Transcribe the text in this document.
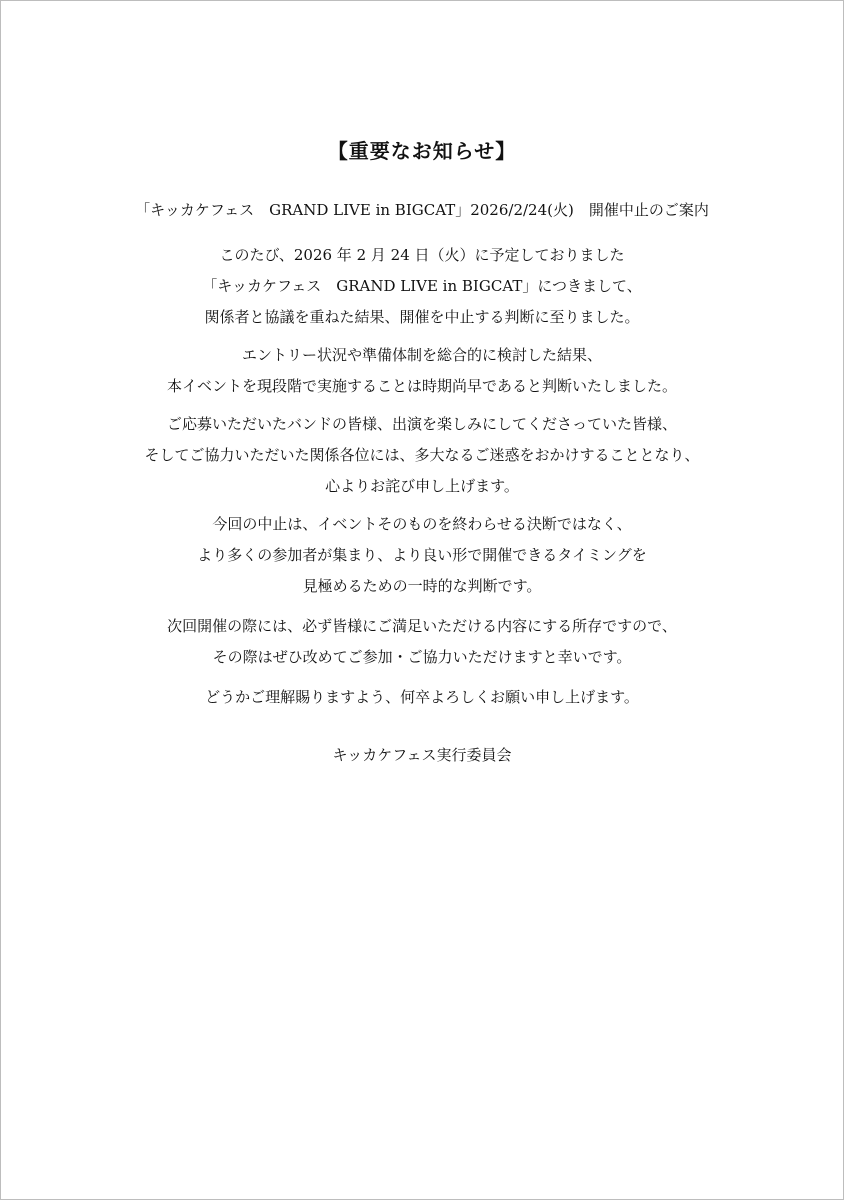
【重要なお知らせ】
「キッカケフェス　GRAND LIVE in BIGCAT」2026/2/24(火)　開催中止のご案内
このたび、2026 年 2 月 24 日（火）に予定しておりました
「キッカケフェス　GRAND LIVE in BIGCAT」につきまして、
関係者と協議を重ねた結果、開催を中止する判断に至りました。
エントリー状況や準備体制を総合的に検討した結果、
本イベントを現段階で実施することは時期尚早であると判断いたしました。
ご応募いただいたバンドの皆様、出演を楽しみにしてくださっていた皆様、
そしてご協力いただいた関係各位には、多大なるご迷惑をおかけすることとなり、
心よりお詫び申し上げます。
今回の中止は、イベントそのものを終わらせる決断ではなく、
より多くの参加者が集まり、より良い形で開催できるタイミングを
見極めるための一時的な判断です。
次回開催の際には、必ず皆様にご満足いただける内容にする所存ですので、
その際はぜひ改めてご参加・ご協力いただけますと幸いです。
どうかご理解賜りますよう、何卒よろしくお願い申し上げます。
キッカケフェス実行委員会
